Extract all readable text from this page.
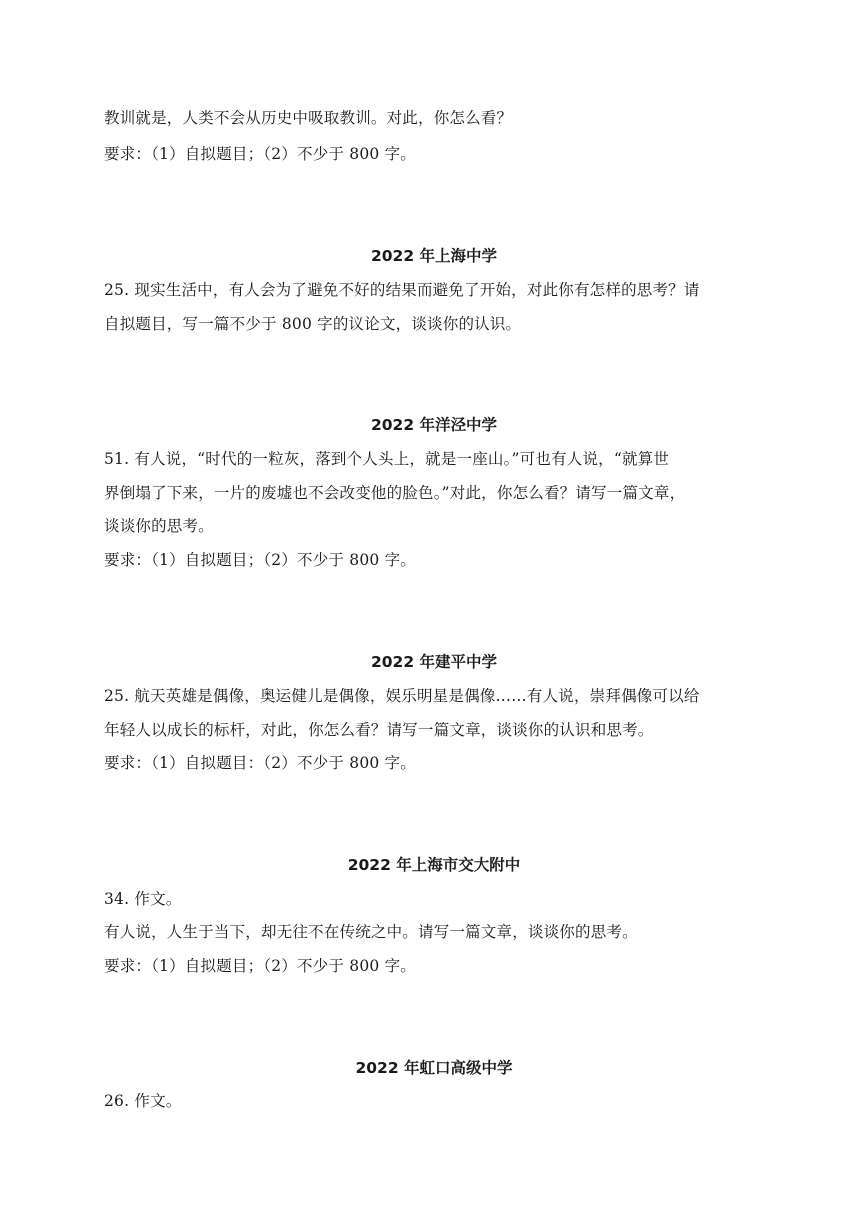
教训就是，人类不会从历史中吸取教训。对此，你怎么看？
要求：（1）自拟题目；（2）不少于 800 字。
2022 年上海中学
25. 现实生活中，有人会为了避免不好的结果而避免了开始，对此你有怎样的思考？请
自拟题目，写一篇不少于 800 字的议论文，谈谈你的认识。
2022 年洋泾中学
51. 有人说，“时代的一粒灰，落到个人头上，就是一座山。”可也有人说，“就算世
界倒塌了下来，一片的废墟也不会改变他的脸色。”对此，你怎么看？请写一篇文章，
谈谈你的思考。
要求：（1）自拟题目；（2）不少于 800 字。
2022 年建平中学
25. 航天英雄是偶像，奥运健儿是偶像，娱乐明星是偶像……有人说，崇拜偶像可以给
年轻人以成长的标杆，对此，你怎么看？请写一篇文章，谈谈你的认识和思考。
要求：（1）自拟题目：（2）不少于 800 字。
2022 年上海市交大附中
34. 作文。
有人说，人生于当下，却无往不在传统之中。请写一篇文章，谈谈你的思考。
要求：（1）自拟题目；（2）不少于 800 字。
2022 年虹口高级中学
26. 作文。
